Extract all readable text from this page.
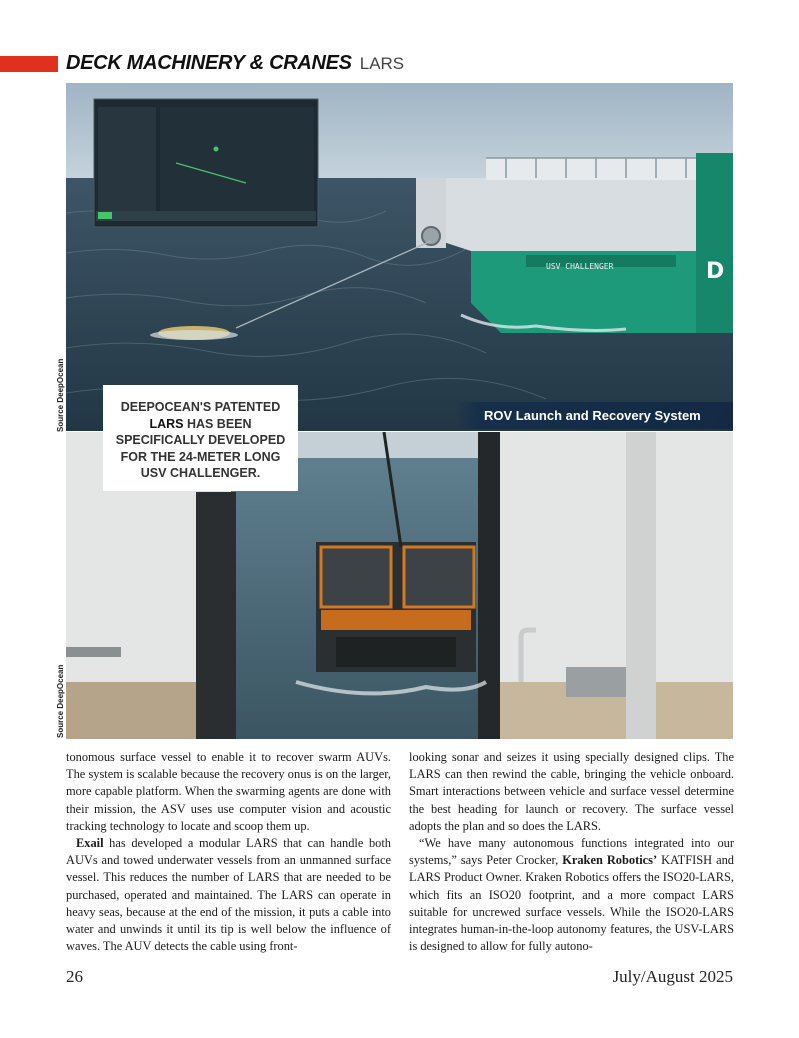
DECK MACHINERY & CRANES LARS
USV CHALLENGER	D
ROV Launch and Recovery System
Source DeepOcean
Source DeepOcean
DEEPOCEAN'S PATENTED
LARS HAS BEEN
SPECIFICALLY DEVELOPED
FOR THE 24-METER LONG
USV CHALLENGER.

tonomous surface vessel to enable it to recover swarm AUVs. The system is scalable because the recovery onus is on the larger, more capable platform. When the swarming agents are done with their mission, the ASV uses use computer vision and acoustic tracking technology to locate and scoop them up.

Exail has developed a modular LARS that can handle both AUVs and towed underwater vessels from an unmanned surface vessel. This reduces the number of LARS that are needed to be purchased, operated and maintained. The LARS can operate in heavy seas, because at the end of the mission, it puts a cable into water and unwinds it until its tip is well below the influence of waves. The AUV detects the cable using front-

looking sonar and seizes it using specially designed clips. The LARS can then rewind the cable, bringing the vehicle onboard. Smart interactions between vehicle and surface vessel determine the best heading for launch or recovery. The surface vessel adopts the plan and so does the LARS.

“We have many autonomous functions integrated into our systems,” says Peter Crocker, Kraken Robotics’ KATFISH and LARS Product Owner. Kraken Robotics offers the ISO20-LARS, which fits an ISO20 footprint, and a more compact LARS suitable for uncrewed surface vessels. While the ISO20-LARS integrates human-in-the-loop autonomy features, the USV-LARS is designed to allow for fully autono-

26	July/August 2025
